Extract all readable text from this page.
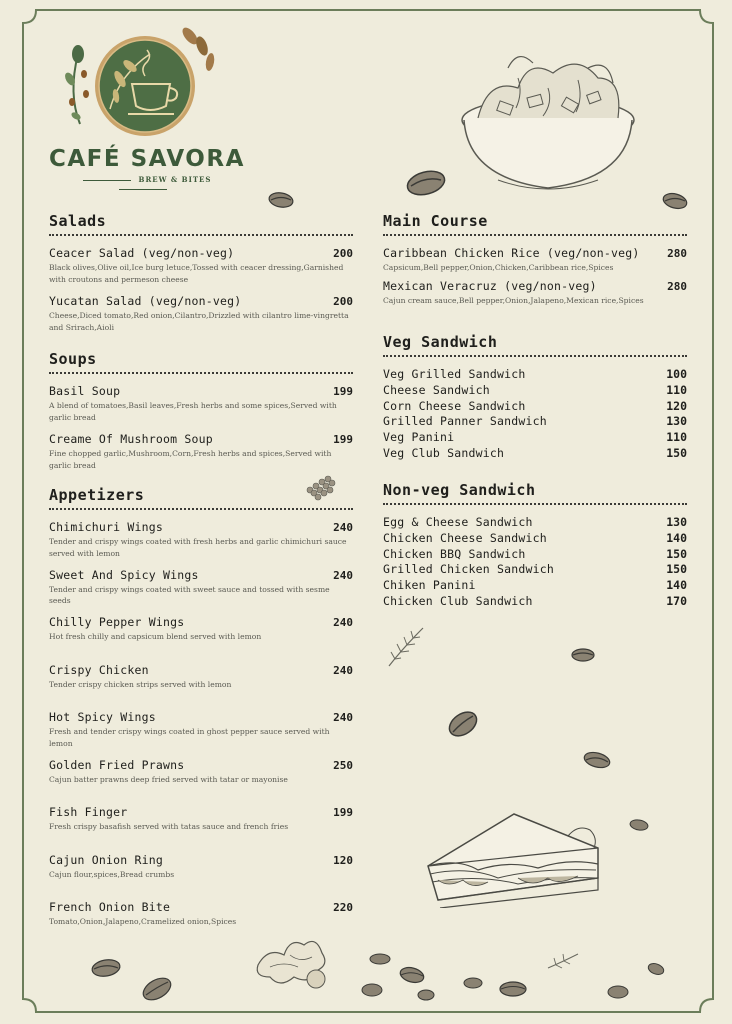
CAFÉ SAVORA
BREW & BITES
Salads
Ceacer Salad (veg/non-veg)	200
Black olives,Olive oil,Ice burg letuce,Tossed with ceacer dressing,Garnished with croutons and permeson cheese
Yucatan Salad (veg/non-veg)	200
Cheese,Diced tomato,Red onion,Cilantro,Drizzled with cilantro lime-vingretta and Srirach,Aioli
Soups
Basil Soup	199
A blend of tomatoes,Basil leaves,Fresh herbs and some spices,Served with garlic bread
Creame Of Mushroom Soup	199
Fine chopped garlic,Mushroom,Corn,Fresh herbs and spices,Served with garlic bread
Appetizers
Chimichuri Wings	240
Tender and crispy wings coated with fresh herbs and garlic chimichuri sauce served with lemon
Sweet And Spicy Wings	240
Tender and crispy wings coated with sweet sauce and tossed with sesme seeds
Chilly Pepper Wings	240
Hot fresh chilly and capsicum blend served with lemon
Crispy Chicken	240
Tender crispy chicken strips served with lemon
Hot Spicy Wings	240
Fresh and tender crispy wings coated in ghost pepper sauce served with lemon
Golden Fried Prawns	250
Cajun batter prawns deep fried served with tatar or mayonise
Fish Finger	199
Fresh crispy basafish served with tatas sauce and french fries
Cajun Onion Ring	120
Cajun flour,spices,Bread crumbs
French Onion Bite	220
Tomato,Onion,Jalapeno,Cramelized onion,Spices
Main Course
Caribbean Chicken Rice (veg/non-veg)	280
Capsicum,Bell pepper,Onion,Chicken,Caribbean rice,Spices
Mexican Veracruz (veg/non-veg)	280
Cajun cream sauce,Bell pepper,Onion,Jalapeno,Mexican rice,Spices
Veg Sandwich
Veg Grilled Sandwich	100
Cheese Sandwich	110
Corn Cheese Sandwich	120
Grilled Panner Sandwich	130
Veg Panini	110
Veg Club Sandwich	150
Non-veg Sandwich
Egg & Cheese Sandwich	130
Chicken Cheese Sandwich	140
Chicken BBQ Sandwich	150
Grilled Chicken Sandwich	150
Chiken Panini	140
Chicken Club Sandwich	170
